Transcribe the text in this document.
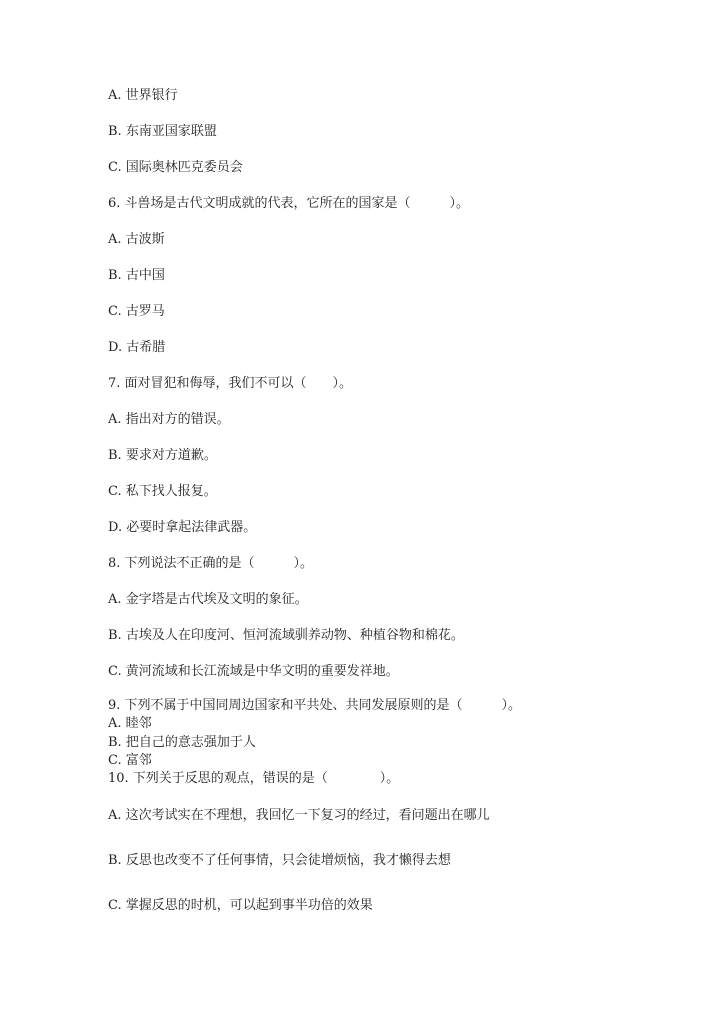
A. 世界银行
B. 东南亚国家联盟
C. 国际奥林匹克委员会
6. 斗兽场是古代文明成就的代表，它所在的国家是（　　　）。
A. 古波斯
B. 古中国
C. 古罗马
D. 古希腊
7. 面对冒犯和侮辱，我们不可以（　　）。
A. 指出对方的错误。
B. 要求对方道歉。
C. 私下找人报复。
D. 必要时拿起法律武器。
8. 下列说法不正确的是（　　　）。
A. 金字塔是古代埃及文明的象征。
B. 古埃及人在印度河、恒河流域驯养动物、种植谷物和棉花。
C. 黄河流域和长江流域是中华文明的重要发祥地。
9. 下列不属于中国同周边国家和平共处、共同发展原则的是（　　　）。
A. 睦邻
B. 把自己的意志强加于人
C. 富邻
10. 下列关于反思的观点，错误的是（　　　　）。
A. 这次考试实在不理想，我回忆一下复习的经过，看问题出在哪儿
B. 反思也改变不了任何事情，只会徒增烦恼，我才懒得去想
C. 掌握反思的时机，可以起到事半功倍的效果
